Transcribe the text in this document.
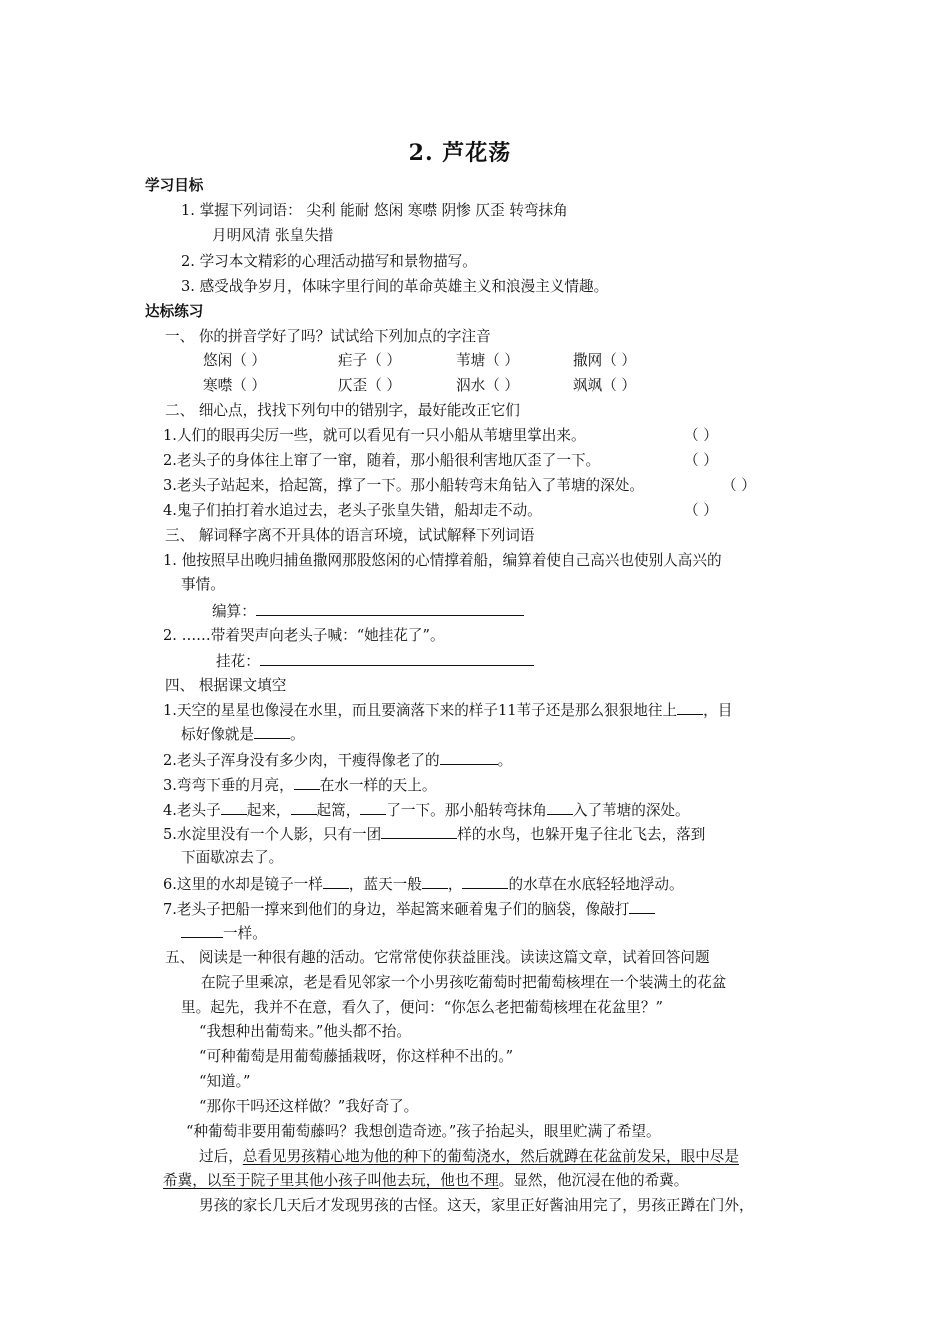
2. 芦花荡
学习目标
1. 掌握下列词语： 尖利 能耐 悠闲 寒噤 阴惨 仄歪 转弯抹角
月明风清 张皇失措
2. 学习本文精彩的心理活动描写和景物描写。
3. 感受战争岁月，体味字里行间的革命英雄主义和浪漫主义情趣。
达标练习
一、 你的拼音学好了吗？试试给下列加点的字注音
悠闲（ ）	疟子（ ）	苇塘（ ）	撒网（ ）
寒噤（ ）	仄歪（ ）	泅水（ ）	飒飒（ ）
二、 细心点，找找下列句中的错别字，最好能改正它们
1.人们的眼再尖厉一些，就可以看见有一只小船从苇塘里掌出来。	（ ）
2.老头子的身体往上窜了一窜，随着，那小船很利害地仄歪了一下。	（ ）
3.老头子站起来，拾起篙，撑了一下。那小船转弯末角钻入了苇塘的深处。	（ ）
4.鬼子们拍打着水追过去，老头子张皇失错，船却走不动。	（ ）
三、 解词释字离不开具体的语言环境，试试解释下列词语
1. 他按照早出晚归捕鱼撒网那股悠闲的心情撑着船，编算着使自己高兴也使别人高兴的
事情。
编算：
2. ……带着哭声向老头子喊：“她挂花了”。
挂花：
四、 根据课文填空
1.天空的星星也像浸在水里，而且要滴落下来的样子11苇子还是那么狠狠地往上 ，目
标好像就是 。
2.老头子浑身没有多少肉，干瘦得像老了的	。
3.弯弯下垂的月亮， 在水一样的天上。
4.老头子 起来， 起篙， 了一下。那小船转弯抹角 入了苇塘的深处。
5.水淀里没有一个人影，只有一团	样的水鸟，也躲开鬼子往北飞去，落到
下面歇凉去了。
6.这里的水却是镜子一样 ，蓝天一般 ，	的水草在水底轻轻地浮动。
7.老头子把船一撑来到他们的身边，举起篙来砸着鬼子们的脑袋，像敲打
一样。
五、 阅读是一种很有趣的活动。它常常使你获益匪浅。读读这篇文章，试着回答问题
在院子里乘凉，老是看见邻家一个小男孩吃葡萄时把葡萄核埋在一个装满土的花盆
里。起先，我并不在意，看久了，便问：“你怎么老把葡萄核埋在花盆里？”
“我想种出葡萄来。”他头都不抬。
“可种葡萄是用葡萄藤插栽呀，你这样种不出的。”
“知道。”
“那你干吗还这样做？”我好奇了。
“种葡萄非要用葡萄藤吗？我想创造奇迹。”孩子抬起头，眼里贮满了希望。
过后，总看见男孩精心地为他的种下的葡萄浇水，然后就蹲在花盆前发呆，眼中尽是
希冀，以至于院子里其他小孩子叫他去玩，他也不理。显然，他沉浸在他的希冀。
男孩的家长几天后才发现男孩的古怪。这天，家里正好酱油用完了，男孩正蹲在门外，
